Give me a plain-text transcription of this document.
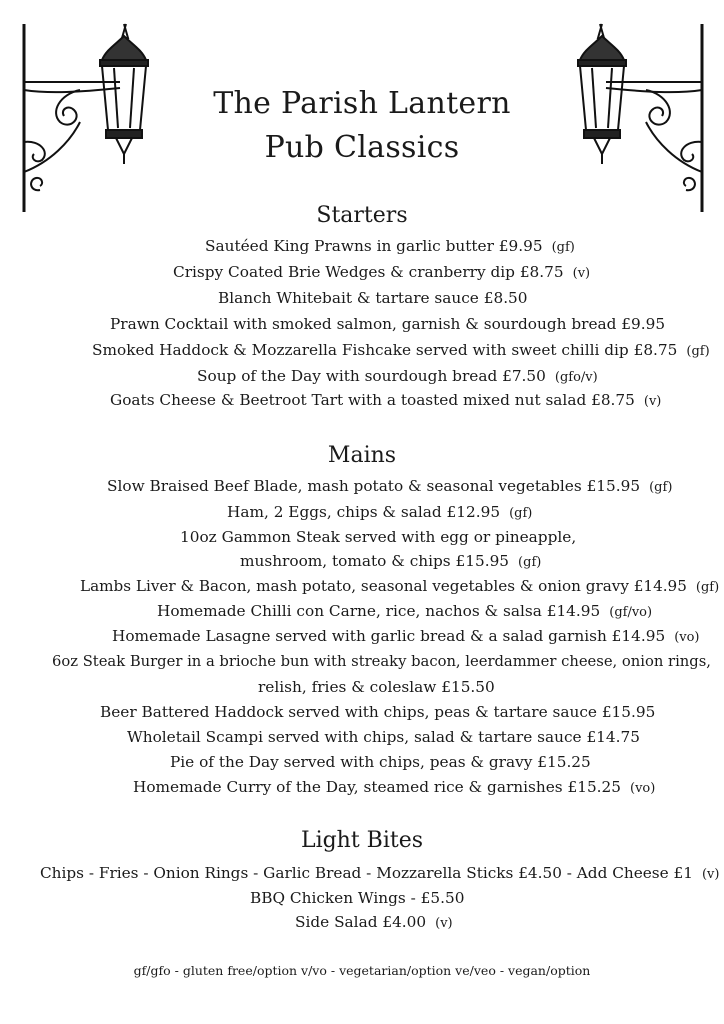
The Parish Lantern
Pub Classics
Starters
Sautéed King Prawns in garlic butter £9.95 (gf)
Crispy Coated Brie Wedges & cranberry dip £8.75 (v)
Blanch Whitebait & tartare sauce £8.50
Prawn Cocktail with smoked salmon, garnish & sourdough bread £9.95
Smoked Haddock & Mozzarella Fishcake served with sweet chilli dip £8.75 (gf)
Soup of the Day with sourdough bread £7.50 (gfo/v)
Goats Cheese & Beetroot Tart with a toasted mixed nut salad £8.75 (v)
Mains
Slow Braised Beef Blade, mash potato & seasonal vegetables £15.95 (gf)
Ham, 2 Eggs, chips & salad £12.95 (gf)
10oz Gammon Steak served with egg or pineapple,
mushroom, tomato & chips £15.95 (gf)
Lambs Liver & Bacon, mash potato, seasonal vegetables & onion gravy £14.95 (gf)
Homemade Chilli con Carne, rice, nachos & salsa £14.95 (gf/vo)
Homemade Lasagne served with garlic bread & a salad garnish £14.95 (vo)
6oz Steak Burger in a brioche bun with streaky bacon, leerdammer cheese, onion rings,
relish, fries & coleslaw £15.50
Beer Battered Haddock served with chips, peas & tartare sauce £15.95
Wholetail Scampi served with chips, salad & tartare sauce £14.75
Pie of the Day served with chips, peas & gravy £15.25
Homemade Curry of the Day, steamed rice & garnishes £15.25 (vo)
Light Bites
Chips - Fries - Onion Rings - Garlic Bread - Mozzarella Sticks £4.50 - Add Cheese £1 (v)
BBQ Chicken Wings - £5.50
Side Salad £4.00 (v)
gf/gfo - gluten free/option v/vo - vegetarian/option ve/veo - vegan/option
